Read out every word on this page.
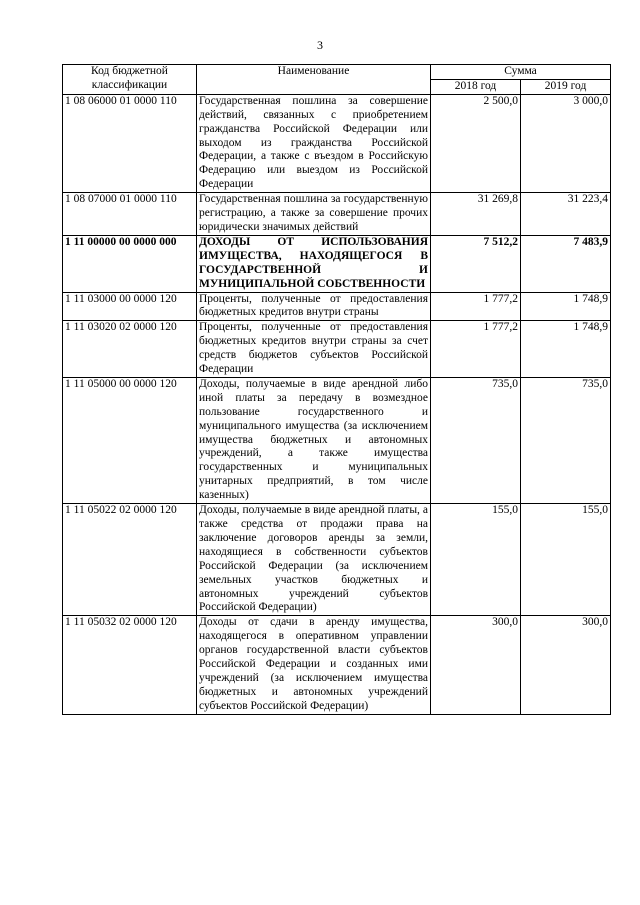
3
Код бюджетной классификации	Наименование	Сумма	
		2018 год	2019 год
1 08 06000 01 0000 110	Государственная пошлина за совершение действий, связанных с приобретением гражданства Российской Федерации или выходом из гражданства Российской Федерации, а также с въездом в Российскую Федерацию или выездом из Российской Федерации	2 500,0	3 000,0
1 08 07000 01 0000 110	Государственная пошлина за государственную регистрацию, а также за совершение прочих юридически значимых действий	31 269,8	31 223,4
1 11 00000 00 0000 000	ДОХОДЫ ОТ ИСПОЛЬЗОВАНИЯ ИМУЩЕСТВА, НАХОДЯЩЕГОСЯ В ГОСУДАРСТВЕННОЙ И МУНИЦИПАЛЬНОЙ СОБСТВЕННОСТИ	7 512,2	7 483,9
1 11 03000 00 0000 120	Проценты, полученные от предоставления бюджетных кредитов внутри страны	1 777,2	1 748,9
1 11 03020 02 0000 120	Проценты, полученные от предоставления бюджетных кредитов внутри страны за счет средств бюджетов субъектов Российской Федерации	1 777,2	1 748,9
1 11 05000 00 0000 120	Доходы, получаемые в виде арендной либо иной платы за передачу в возмездное пользование государственного и муниципального имущества (за исключением имущества бюджетных и автономных учреждений, а также имущества государственных и муниципальных унитарных предприятий, в том числе казенных)	735,0	735,0
1 11 05022 02 0000 120	Доходы, получаемые в виде арендной платы, а также средства от продажи права на заключение договоров аренды за земли, находящиеся в собственности субъектов Российской Федерации (за исключением земельных участков бюджетных и автономных учреждений субъектов Российской Федерации)	155,0	155,0
1 11 05032 02 0000 120	Доходы от сдачи в аренду имущества, находящегося в оперативном управлении органов государственной власти субъектов Российской Федерации и созданных ими учреждений (за исключением имущества бюджетных и автономных учреждений субъектов Российской Федерации)	300,0	300,0
